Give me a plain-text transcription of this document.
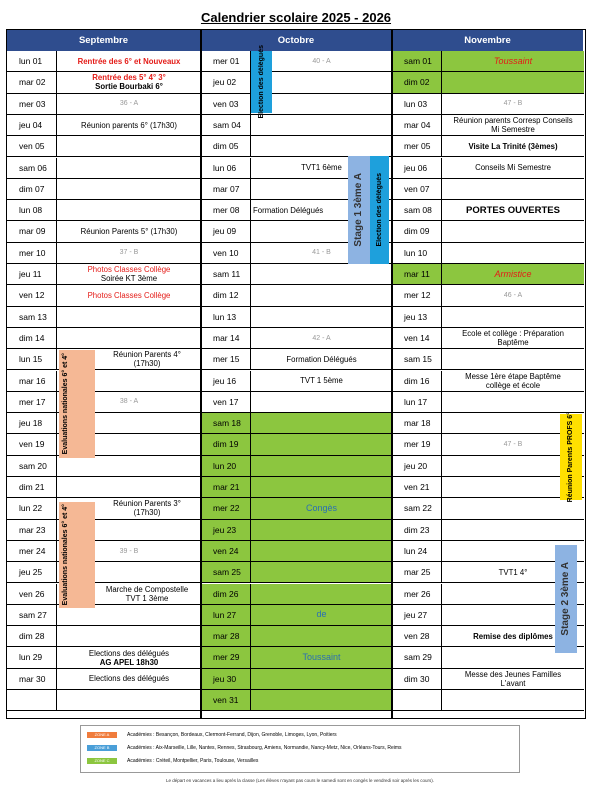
Calendrier scolaire 2025 - 2026
Septembre
lun 01	Rentrée des 6° et Nouveaux
mar 02	Rentrée des 5° 4° 3°
Sortie Bourbaki 6°
mer 03	36 - A
jeu 04	Réunion parents 6° (17h30)
ven 05
sam 06
dim 07
lun 08
mar 09	Réunion Parents 5° (17h30)
mer 10	37 - B
jeu 11	Photos Classes Collège
Soirée KT 3ème
ven 12	Photos Classes Collège
sam 13
dim 14
lun 15	Réunion Parents 4°
(17h30)
mar 16
mer 17	38 - A
jeu 18
ven 19
sam 20
dim 21
lun 22	Réunion Parents 3°
(17h30)
mar 23
mer 24	39 - B
jeu 25
ven 26	Marche de Compostelle
TVT 1 3ème
sam 27
dim 28
lun 29	Elections des délégués
AG APEL 18h30
mar 30	Elections des délégués
Octobre
mer 01	40 - A
jeu 02
ven 03
sam 04
dim 05
lun 06	TVT1 6ème
mar 07
mer 08	Formation Délégués
jeu 09
ven 10	41 - B
sam 11
dim 12
lun 13
mar 14	42 - A
mer 15	Formation Délégués
jeu 16	TVT 1 5ème
ven 17
sam 18
dim 19
lun 20
mar 21
mer 22	Congès
jeu 23
ven 24
sam 25
dim 26
lun 27	de
mar 28
mer 29	Toussaint
jeu 30
ven 31
Novembre
sam 01	Toussaint
dim 02
lun 03	47 - B
mar 04	Réunion parents Corresp Conseils
Mi Semestre
mer 05	Visite La Trinité (3èmes)
jeu 06	Conseils Mi Semestre
ven 07
sam 08	PORTES OUVERTES
dim 09
lun 10
mar 11	Armistice
mer 12	46 - A
jeu 13
ven 14	Ecole et collège : Préparation
Baptême
sam 15
dim 16	Messe 1ère étape Baptême
collège et école
lun 17
mar 18
mer 19	47 - B
jeu 20
ven 21
sam 22
dim 23
lun 24
mar 25	TVT1 4°
mer 26
jeu 27
ven 28	Remise des diplômes
sam 29
dim 30	Messe des Jeunes Familles
L'avant
Election des délégués
Stage 1 3ème A Election des délégués
Evaluations nationales 6° et 4°
Evaluations nationales 6° et 4°
Réunion Parents PROFS 6°
Stage 2 3ème A
ZONE A	Académies : Besançon, Bordeaux, Clermont-Ferrand, Dijon, Grenoble, Limoges, Lyon, Poitiers
ZONE B	Académies : Aix-Marseille, Lille, Nantes, Rennes, Strasbourg, Amiens, Normandie, Nancy-Metz, Nice, Orléans-Tours, Reims
ZONE C	Académies : Créteil, Montpellier, Paris, Toulouse, Versailles
Le départ en vacances a lieu après la classe (Les élèves n'ayant pas cours le samedi sont en congés le vendredi soir après les cours).
